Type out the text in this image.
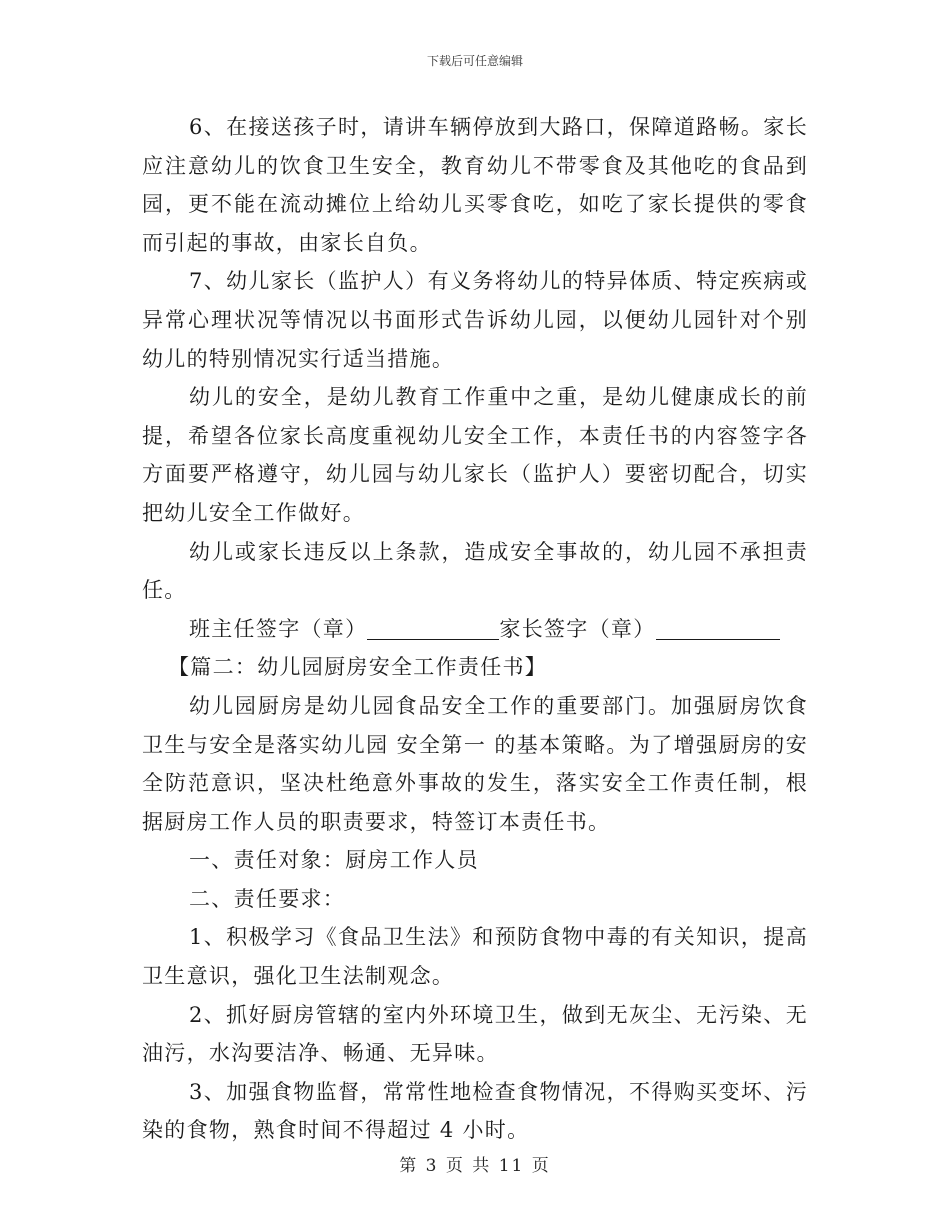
下载后可任意编辑

6、在接送孩子时，请讲车辆停放到大路口，保障道路畅。家长应注意幼儿的饮食卫生安全，教育幼儿不带零食及其他吃的食品到园，更不能在流动摊位上给幼儿买零食吃，如吃了家长提供的零食而引起的事故，由家长自负。

7、幼儿家长（监护人）有义务将幼儿的特异体质、特定疾病或异常心理状况等情况以书面形式告诉幼儿园，以便幼儿园针对个别幼儿的特别情况实行适当措施。

幼儿的安全，是幼儿教育工作重中之重，是幼儿健康成长的前提，希望各位家长高度重视幼儿安全工作，本责任书的内容签字各方面要严格遵守，幼儿园与幼儿家长（监护人）要密切配合，切实把幼儿安全工作做好。

幼儿或家长违反以上条款，造成安全事故的，幼儿园不承担责任。

班主任签字（章）	家长签字（章）

【篇二：幼儿园厨房安全工作责任书】

幼儿园厨房是幼儿园食品安全工作的重要部门。加强厨房饮食卫生与安全是落实幼儿园 安全第一 的基本策略。为了增强厨房的安全防范意识，坚决杜绝意外事故的发生，落实安全工作责任制，根据厨房工作人员的职责要求，特签订本责任书。

一、责任对象：厨房工作人员

二、责任要求：

1、积极学习《食品卫生法》和预防食物中毒的有关知识，提高卫生意识，强化卫生法制观念。

2、抓好厨房管辖的室内外环境卫生，做到无灰尘、无污染、无油污，水沟要洁净、畅通、无异味。

3、加强食物监督，常常性地检查食物情况，不得购买变坏、污染的食物，熟食时间不得超过 4 小时。

第 3 页 共 11 页
